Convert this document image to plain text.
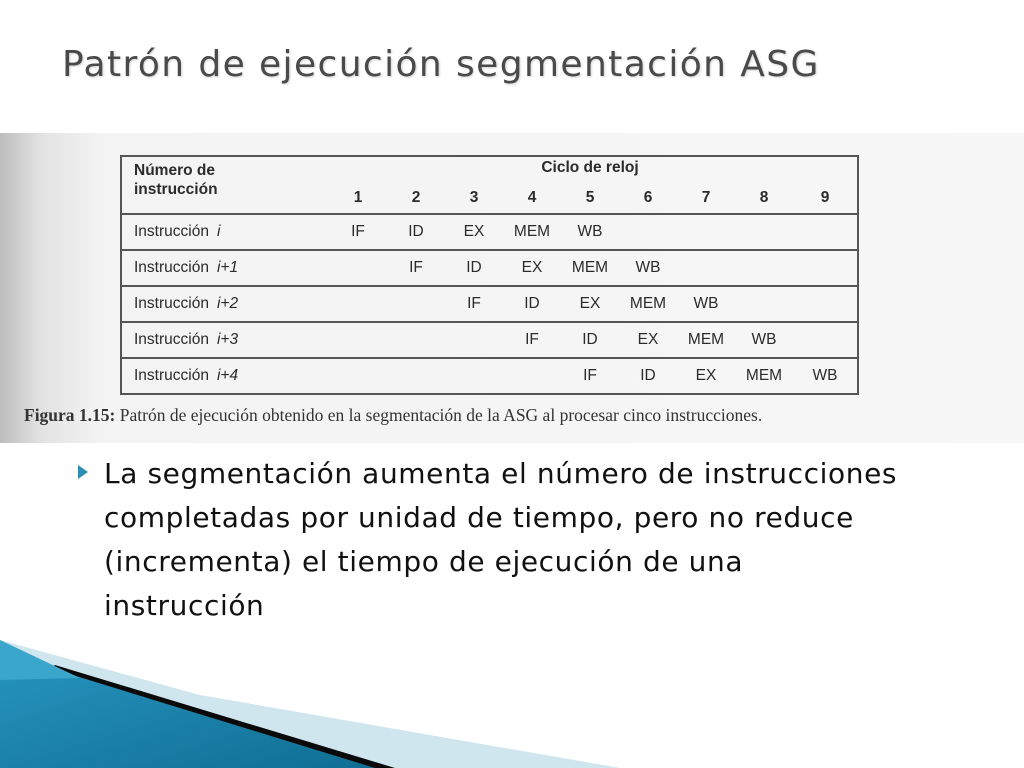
Patrón de ejecución segmentación ASG
Ciclo de reloj
Número de
instrucción	1	2	3	4	5	6	7	8	9
Instrucción i	IF	ID	EX	MEM	WB				
Instrucción i+1		IF	ID	EX	MEM	WB			
Instrucción i+2			IF	ID	EX	MEM	WB		
Instrucción i+3				IF	ID	EX	MEM	WB	
Instrucción i+4					IF	ID	EX	MEM	WB

Figura 1.15: Patrón de ejecución obtenido en la segmentación de la ASG al procesar cinco instrucciones.

La segmentación aumenta el número de instrucciones completadas por unidad de tiempo, pero no reduce (incrementa) el tiempo de ejecución de una instrucción
